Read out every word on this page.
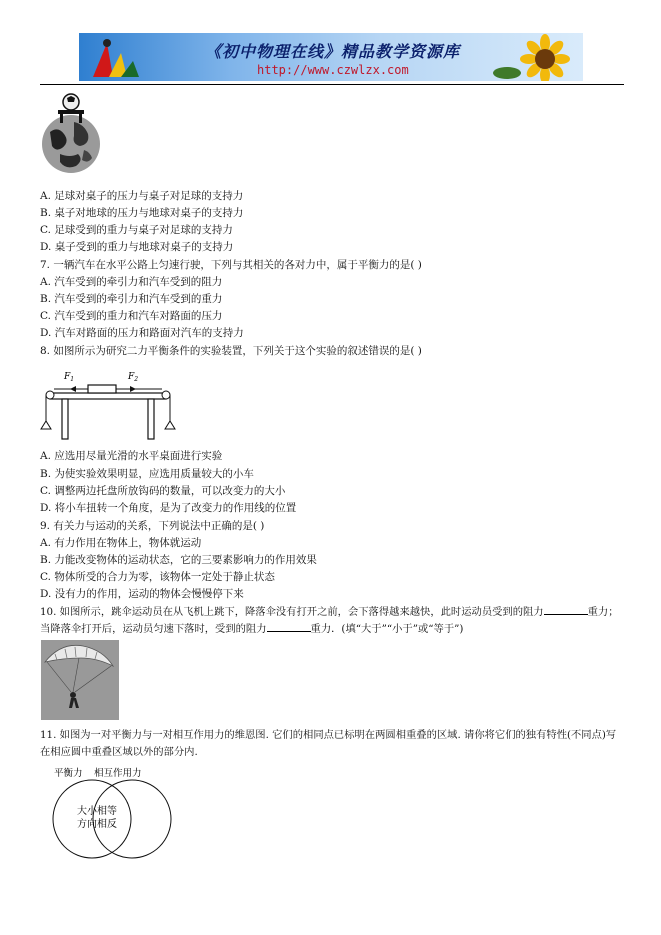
《初中物理在线》精品教学资源库
http://www.czwlzx.com
A. 足球对桌子的压力与桌子对足球的支持力
B. 桌子对地球的压力与地球对桌子的支持力
C. 足球受到的重力与桌子对足球的支持力
D. 桌子受到的重力与地球对桌子的支持力
7. 一辆汽车在水平公路上匀速行驶，下列与其相关的各对力中，属于平衡力的是( )
A. 汽车受到的牵引力和汽车受到的阻力
B. 汽车受到的牵引力和汽车受到的重力
C. 汽车受到的重力和汽车对路面的压力
D. 汽车对路面的压力和路面对汽车的支持力
8. 如图所示为研究二力平衡条件的实验装置，下列关于这个实验的叙述错误的是( )
$F_1$	$F_2$
A. 应选用尽量光滑的水平桌面进行实验
B. 为使实验效果明显，应选用质量较大的小车
C. 调整两边托盘所放钩码的数量，可以改变力的大小
D. 将小车扭转一个角度，是为了改变力的作用线的位置
9. 有关力与运动的关系，下列说法中正确的是( )
A. 有力作用在物体上，物体就运动
B. 力能改变物体的运动状态，它的三要素影响力的作用效果
C. 物体所受的合力为零，该物体一定处于静止状态
D. 没有力的作用，运动的物体会慢慢停下来
10. 如图所示，跳伞运动员在从飞机上跳下，降落伞没有打开之前，会下落得越来越快，此时运动员受到的阻力	重力；当降落伞打开后，运动员匀速下落时，受到的阻力	重力．(填“大于”“小于”或“等于”)
11. 如图为一对平衡力与一对相互作用力的维恩图. 它们的相同点已标明在两圆相重叠的区域. 请你将它们的独有特性(不同点)写在相应圆中重叠区域以外的部分内.
平衡力 相互作用力
大小相等
方向相反
